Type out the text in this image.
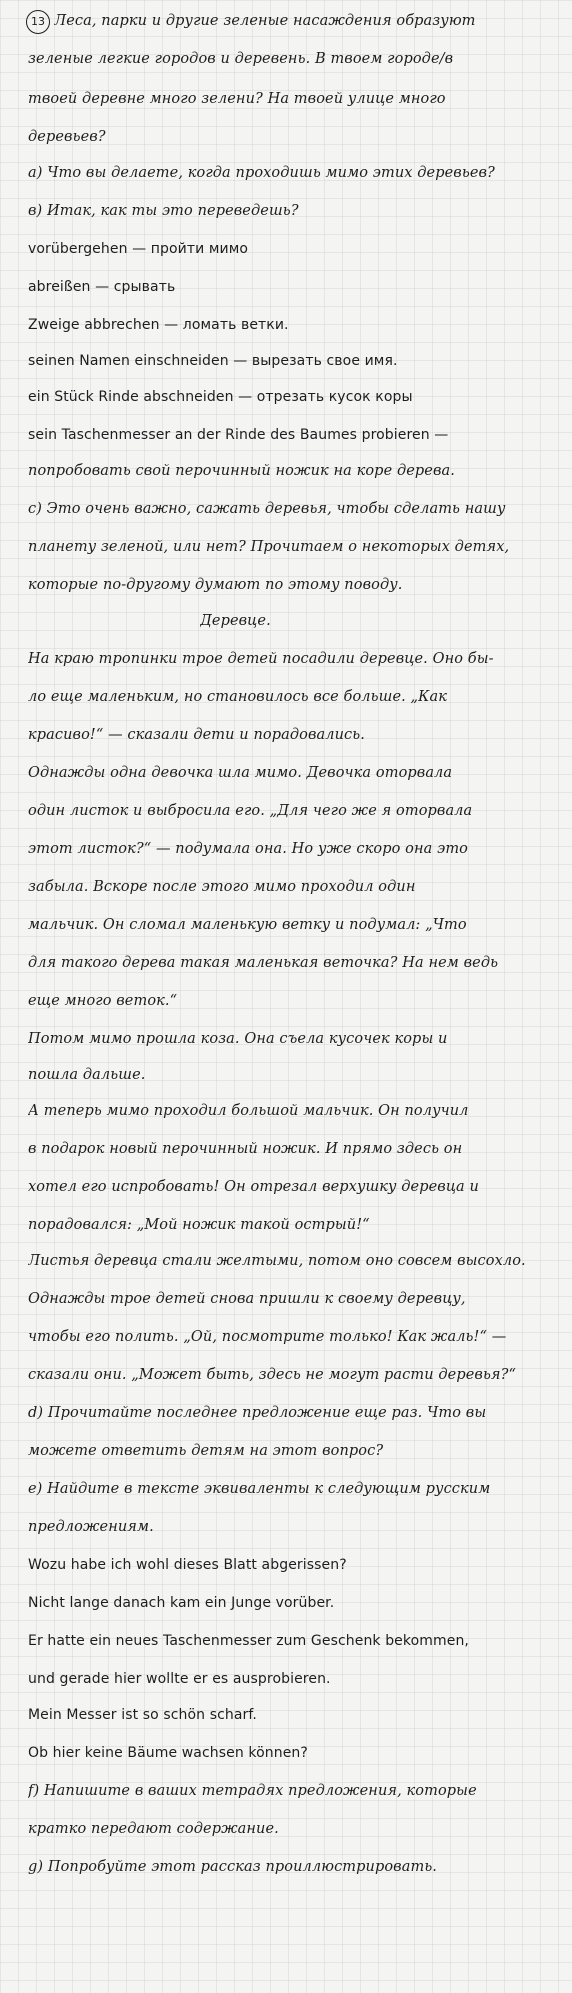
13 Леса, парки и другие зеленые насаждения образуют
зеленые легкие городов и деревень. В твоем городе/в
твоей деревне много зелени? На твоей улице много
деревьев?
а) Что вы делаете, когда проходишь мимо этих деревьев?
в) Итак, как ты это переведешь?
vorübergehen — пройти мимо
abreißen — срывать
Zweige abbrechen — ломать ветки.
seinen Namen einschneiden — вырезать свое имя.
ein Stück Rinde abschneiden — отрезать кусок коры
sein Taschenmesser an der Rinde des Baumes probieren —
попробовать свой перочинный ножик на коре дерева.
c) Это очень важно, сажать деревья, чтобы сделать нашу
планету зеленой, или нет? Прочитаем о некоторых детях,
которые по-другому думают по этому поводу.
Деревце.
На краю тропинки трое детей посадили деревце. Оно бы-
ло еще маленьким, но становилось все больше. „Как
красиво!“ — сказали дети и порадовались.
Однажды одна девочка шла мимо. Девочка оторвала
один листок и выбросила его. „Для чего же я оторвала
этот листок?“ — подумала она. Но уже скоро она это
забыла. Вскоре после этого мимо проходил один
мальчик. Он сломал маленькую ветку и подумал: „Что
для такого дерева такая маленькая веточка? На нем ведь
еще много веток.“
Потом мимо прошла коза. Она съела кусочек коры и
пошла дальше.
А теперь мимо проходил большой мальчик. Он получил
в подарок новый перочинный ножик. И прямо здесь он
хотел его испробовать! Он отрезал верхушку деревца и
порадовался: „Мой ножик такой острый!“
Листья деревца стали желтыми, потом оно совсем высохло.
Однажды трое детей снова пришли к своему деревцу,
чтобы его полить. „Ой, посмотрите только! Как жаль!“ —
сказали они. „Может быть, здесь не могут расти деревья?“
d) Прочитайте последнее предложение еще раз. Что вы
можете ответить детям на этот вопрос?
e) Найдите в тексте эквиваленты к следующим русским
предложениям.
Wozu habe ich wohl dieses Blatt abgerissen?
Nicht lange danach kam ein Junge vorüber.
Er hatte ein neues Taschenmesser zum Geschenk bekommen,
und gerade hier wollte er es ausprobieren.
Mein Messer ist so schön scharf.
Ob hier keine Bäume wachsen können?
f) Напишите в ваших тетрадях предложения, которые
кратко передают содержание.
g) Попробуйте этот рассказ проиллюстрировать.
